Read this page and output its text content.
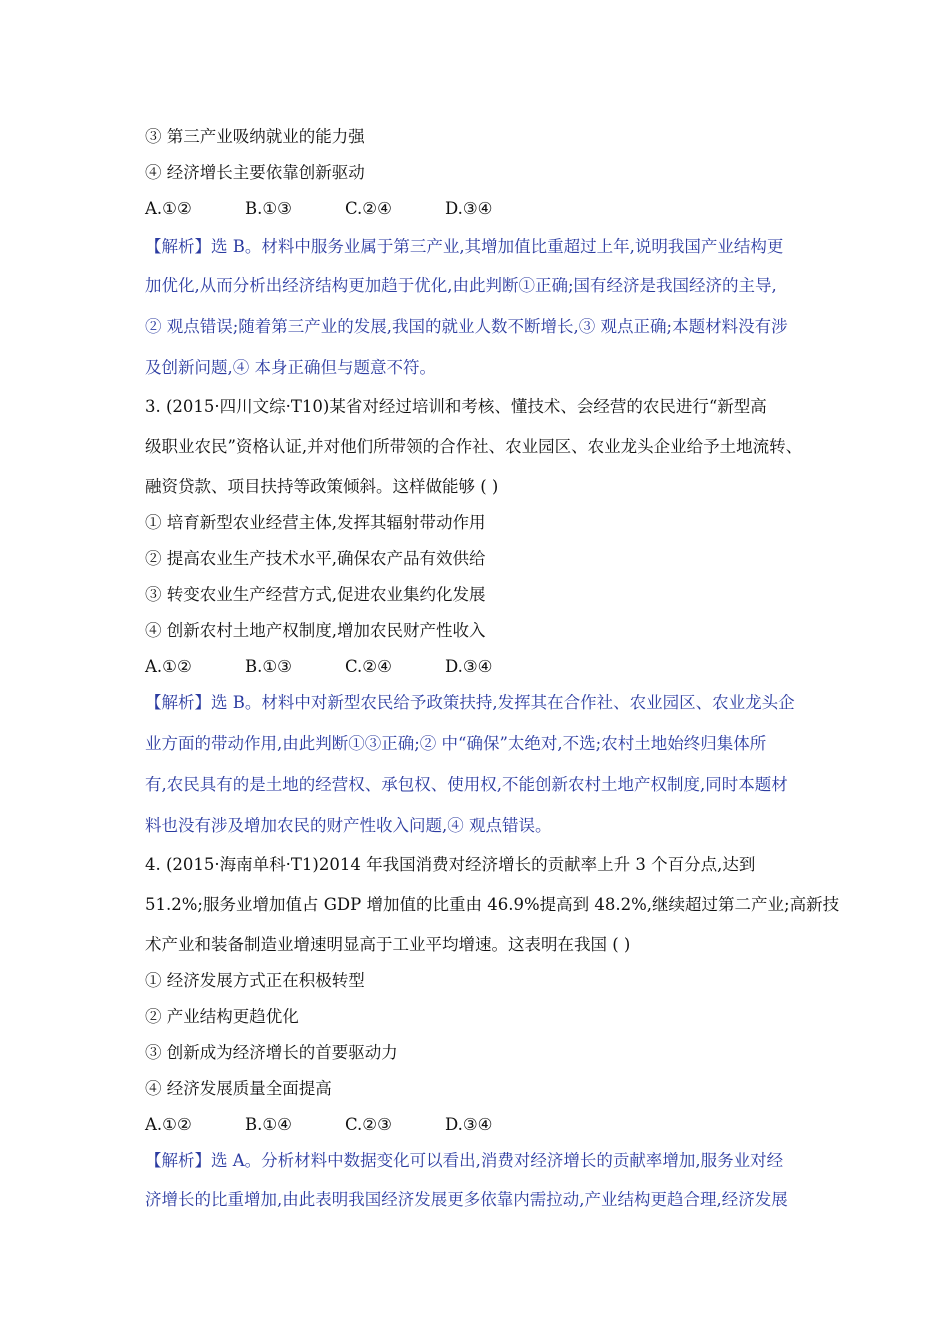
③ 第三产业吸纳就业的能力强
④ 经济增长主要依靠创新驱动
A.①②	B.①③	C.②④	D.③④
【解析】选 B。材料中服务业属于第三产业,其增加值比重超过上年,说明我国产业结构更
加优化,从而分析出经济结构更加趋于优化,由此判断①正确;国有经济是我国经济的主导,
② 观点错误;随着第三产业的发展,我国的就业人数不断增长,③ 观点正确;本题材料没有涉
及创新问题,④ 本身正确但与题意不符。
3. (2015·四川文综·T10)某省对经过培训和考核、懂技术、会经营的农民进行“新型高
级职业农民”资格认证,并对他们所带领的合作社、农业园区、农业龙头企业给予土地流转、
融资贷款、项目扶持等政策倾斜。这样做能够 ( )
① 培育新型农业经营主体,发挥其辐射带动作用
② 提高农业生产技术水平,确保农产品有效供给
③ 转变农业生产经营方式,促进农业集约化发展
④ 创新农村土地产权制度,增加农民财产性收入
A.①②	B.①③	C.②④	D.③④
【解析】选 B。材料中对新型农民给予政策扶持,发挥其在合作社、农业园区、农业龙头企
业方面的带动作用,由此判断①③正确;② 中“确保”太绝对,不选;农村土地始终归集体所
有,农民具有的是土地的经营权、承包权、使用权,不能创新农村土地产权制度,同时本题材
料也没有涉及增加农民的财产性收入问题,④ 观点错误。
4. (2015·海南单科·T1)2014 年我国消费对经济增长的贡献率上升 3 个百分点,达到
51.2%;服务业增加值占 GDP 增加值的比重由 46.9%提高到 48.2%,继续超过第二产业;高新技
术产业和装备制造业增速明显高于工业平均增速。这表明在我国 ( )
① 经济发展方式正在积极转型
② 产业结构更趋优化
③ 创新成为经济增长的首要驱动力
④ 经济发展质量全面提高
A.①②	B.①④	C.②③	D.③④
【解析】选 A。分析材料中数据变化可以看出,消费对经济增长的贡献率增加,服务业对经
济增长的比重增加,由此表明我国经济发展更多依靠内需拉动,产业结构更趋合理,经济发展
